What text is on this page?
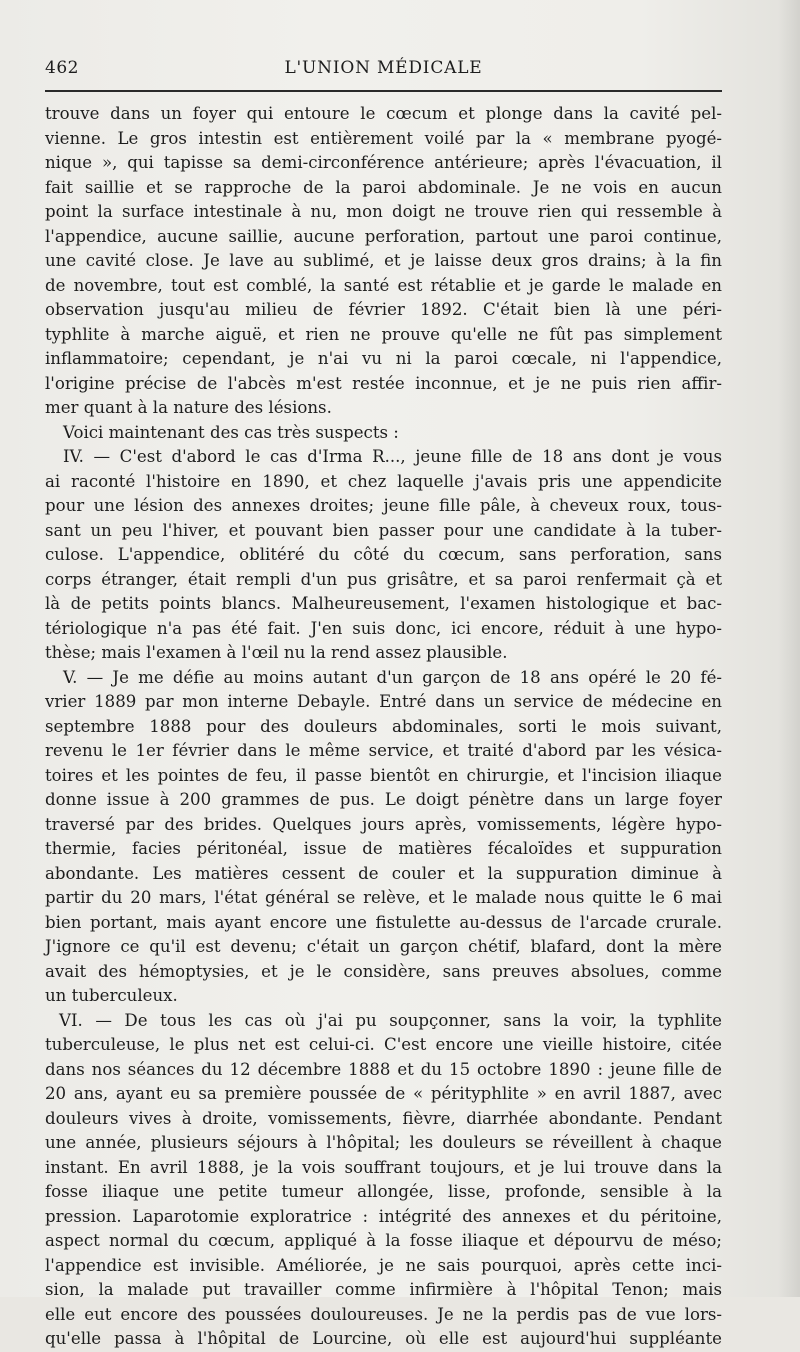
462	L'UNION MÉDICALE
trouve dans un foyer qui entoure le cœcum et plonge dans la cavité pel-
vienne. Le gros intestin est entièrement voilé par la « membrane pyogé-
nique », qui tapisse sa demi-circonférence antérieure; après l'évacuation, il
fait saillie et se rapproche de la paroi abdominale. Je ne vois en aucun
point la surface intestinale à nu, mon doigt ne trouve rien qui ressemble à
l'appendice, aucune saillie, aucune perforation, partout une paroi continue,
une cavité close. Je lave au sublimé, et je laisse deux gros drains; à la fin
de novembre, tout est comblé, la santé est rétablie et je garde le malade en
observation jusqu'au milieu de février 1892. C'était bien là une péri-
typhlite à marche aiguë, et rien ne prouve qu'elle ne fût pas simplement
inflammatoire; cependant, je n'ai vu ni la paroi cœcale, ni l'appendice,
l'origine précise de l'abcès m'est restée inconnue, et je ne puis rien affir-
mer quant à la nature des lésions.
Voici maintenant des cas très suspects :
IV. — C'est d'abord le cas d'Irma R..., jeune fille de 18 ans dont je vous
ai raconté l'histoire en 1890, et chez laquelle j'avais pris une appendicite
pour une lésion des annexes droites; jeune fille pâle, à cheveux roux, tous-
sant un peu l'hiver, et pouvant bien passer pour une candidate à la tuber-
culose. L'appendice, oblitéré du côté du cœcum, sans perforation, sans
corps étranger, était rempli d'un pus grisâtre, et sa paroi renfermait çà et
là de petits points blancs. Malheureusement, l'examen histologique et bac-
tériologique n'a pas été fait. J'en suis donc, ici encore, réduit à une hypo-
thèse; mais l'examen à l'œil nu la rend assez plausible.
V. — Je me défie au moins autant d'un garçon de 18 ans opéré le 20 fé-
vrier 1889 par mon interne Debayle. Entré dans un service de médecine en
septembre 1888 pour des douleurs abdominales, sorti le mois suivant,
revenu le 1er février dans le même service, et traité d'abord par les vésica-
toires et les pointes de feu, il passe bientôt en chirurgie, et l'incision iliaque
donne issue à 200 grammes de pus. Le doigt pénètre dans un large foyer
traversé par des brides. Quelques jours après, vomissements, légère hypo-
thermie, facies péritonéal, issue de matières fécaloïdes et suppuration
abondante. Les matières cessent de couler et la suppuration diminue à
partir du 20 mars, l'état général se relève, et le malade nous quitte le 6 mai
bien portant, mais ayant encore une fistulette au-dessus de l'arcade crurale.
J'ignore ce qu'il est devenu; c'était un garçon chétif, blafard, dont la mère
avait des hémoptysies, et je le considère, sans preuves absolues, comme
un tuberculeux.
VI. — De tous les cas où j'ai pu soupçonner, sans la voir, la typhlite
tuberculeuse, le plus net est celui-ci. C'est encore une vieille histoire, citée
dans nos séances du 12 décembre 1888 et du 15 octobre 1890 : jeune fille de
20 ans, ayant eu sa première poussée de « pérityphlite » en avril 1887, avec
douleurs vives à droite, vomissements, fièvre, diarrhée abondante. Pendant
une année, plusieurs séjours à l'hôpital; les douleurs se réveillent à chaque
instant. En avril 1888, je la vois souffrant toujours, et je lui trouve dans la
fosse iliaque une petite tumeur allongée, lisse, profonde, sensible à la
pression. Laparotomie exploratrice : intégrité des annexes et du péritoine,
aspect normal du cœcum, appliqué à la fosse iliaque et dépourvu de méso;
l'appendice est invisible. Améliorée, je ne sais pourquoi, après cette inci-
sion, la malade put travailler comme infirmière à l'hôpital Tenon; mais
elle eut encore des poussées douloureuses. Je ne la perdis pas de vue lors-
qu'elle passa à l'hôpital de Lourcine, où elle est aujourd'hui suppléante
